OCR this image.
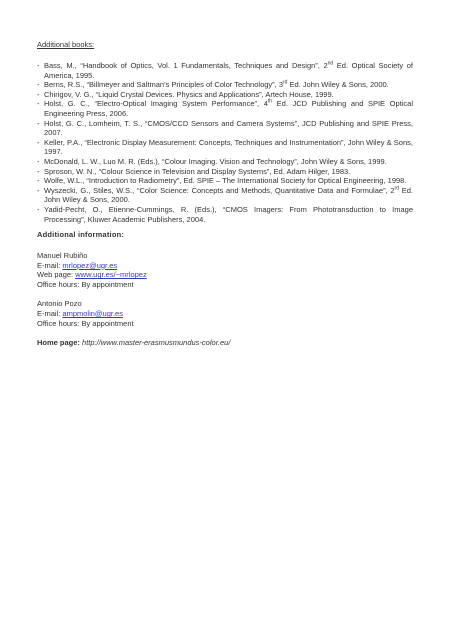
Additional books:

- Bass, M., “Handbook of Optics, Vol. 1 Fundamentals, Techniques and Design”, 2nd Ed. Optical Society of America, 1995.
- Berns, R.S., “Billmeyer and Saltman’s Principles of Color Technology”, 3rd Ed. John Wiley & Sons, 2000.
- Chirigov, V. G., “Liquid Crystal Devices. Physics and Applications”, Artech House, 1999.
- Holst, G. C., “Electro-Optical Imaging System Performance”, 4th Ed. JCD Publishing and SPIE Optical Engineering Press, 2006.
- Holst, G. C., Lomheim, T. S., “CMOS/CCD Sensors and Camera Systems”, JCD Publishing and SPIE Press, 2007.
- Keller, P.A., “Electronic Display Measurement: Concepts, Techniques and Instrumentation”, John Wiley & Sons, 1997.
- McDonald, L. W., Luo M. R. (Eds.), “Colour Imaging. Vision and Technology”, John Wiley & Sons, 1999.
- Sproson, W. N., “Colour Science in Television and Display Systems”, Ed. Adam Hilger, 1983.
- Wolfe, W.L., “Introduction to Radiometry”, Ed. SPIE – The International Society for Optical Engineering, 1998.
- Wyszecki, G., Stiles, W.S., “Color Science: Concepts and Methods, Quantitative Data and Formulae”, 2rd Ed. John Wiley & Sons, 2000.
- Yadid-Pecht, O., Etienne-Cummings, R. (Eds.), “CMOS Imagers: From Phototransduction to Image Processing”, Kluwer Academic Publishers, 2004.
Additional information:
Manuel Rubiño
E-mail: mrlopez@ugr.es
Web page: www.ugr.es/~mrlopez
Office hours: By appointment
Antonio Pozo
E-mail: ampmolin@ugr.es
Office hours: By appointment
Home page: http://www.master-erasmusmundus-color.eu/
